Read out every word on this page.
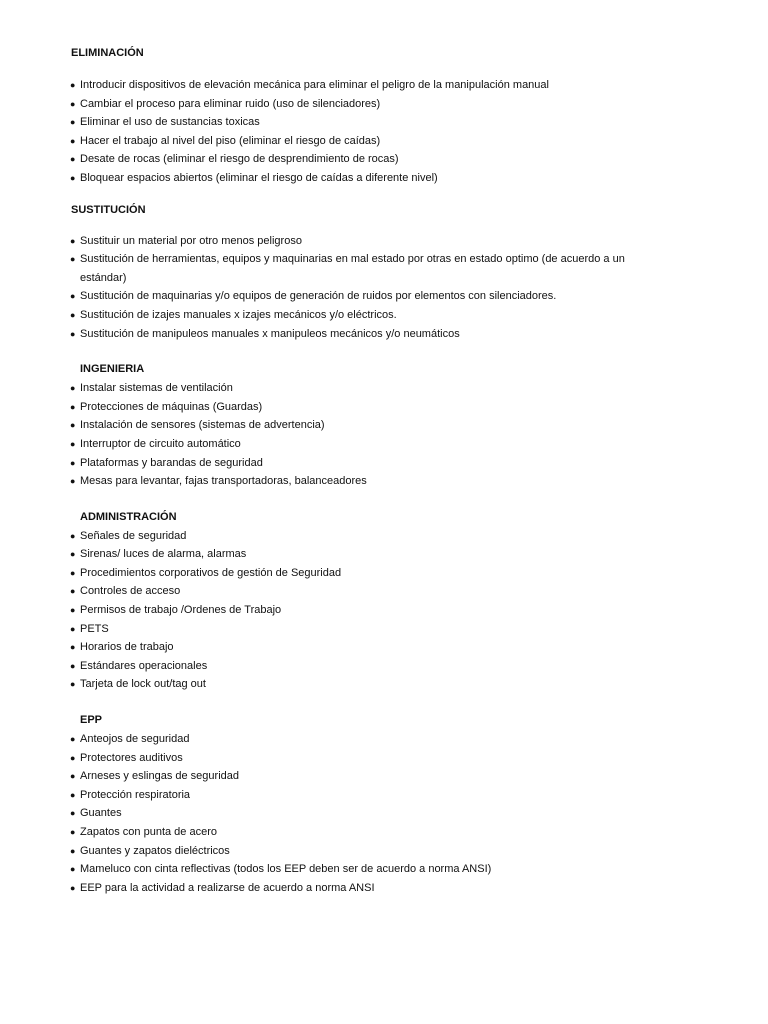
ELIMINACIÓN
● Introducir dispositivos de elevación mecánica para eliminar el peligro de la manipulación manual
● Cambiar el proceso para eliminar ruido (uso de silenciadores)
● Eliminar el uso de sustancias toxicas
● Hacer el trabajo al nivel del piso (eliminar el riesgo de caídas)
● Desate de rocas (eliminar el riesgo de desprendimiento de rocas)
● Bloquear espacios abiertos (eliminar el riesgo de caídas a diferente nivel)
SUSTITUCIÓN
● Sustituir un material por otro menos peligroso
● Sustitución de herramientas, equipos y maquinarias en mal estado por otras en estado optimo (de acuerdo a un estándar)
● Sustitución de maquinarias y/o equipos de generación de ruidos por elementos con silenciadores.
● Sustitución de izajes manuales x izajes mecánicos y/o eléctricos.
● Sustitución de manipuleos manuales x manipuleos mecánicos y/o neumáticos
INGENIERIA
● Instalar sistemas de ventilación
● Protecciones de máquinas (Guardas)
● Instalación de sensores (sistemas de advertencia)
● Interruptor de circuito automático
● Plataformas y barandas de seguridad
● Mesas para levantar, fajas transportadoras, balanceadores
ADMINISTRACIÓN
● Señales de seguridad
● Sirenas/ luces de alarma, alarmas
● Procedimientos corporativos de gestión de Seguridad
● Controles de acceso
● Permisos de trabajo /Ordenes de Trabajo
● PETS
● Horarios de trabajo
● Estándares operacionales
● Tarjeta de lock out/tag out
EPP
● Anteojos de seguridad
● Protectores auditivos
● Arneses y eslingas de seguridad
● Protección respiratoria
● Guantes
● Zapatos con punta de acero
● Guantes y zapatos dieléctricos
● Mameluco con cinta reflectivas (todos los EEP deben ser de acuerdo a norma ANSI)
● EEP para la actividad a realizarse de acuerdo a norma ANSI
